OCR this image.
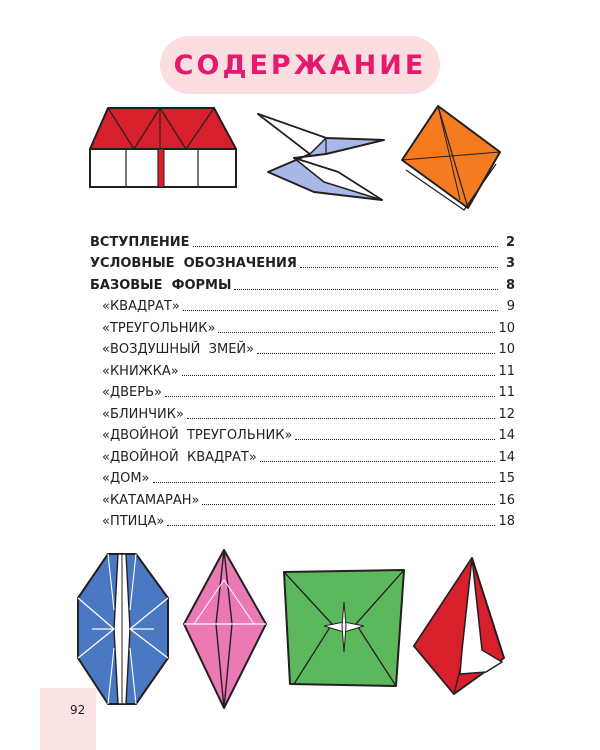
СОДЕРЖАНИЕ
ВСТУПЛЕНИЕ	2
УСЛОВНЫЕ  ОБОЗНАЧЕНИЯ	3
БАЗОВЫЕ  ФОРМЫ	8
«КВАДРАТ»	9
«ТРЕУГОЛЬНИК»	10
«ВОЗДУШНЫЙ  ЗМЕЙ»	10
«КНИЖКА»	11
«ДВЕРЬ»	11
«БЛИНЧИК»	12
«ДВОЙНОЙ  ТРЕУГОЛЬНИК»	14
«ДВОЙНОЙ  КВАДРАТ»	14
«ДОМ»	15
«КАТАМАРАН»	16
«ПТИЦА»	18
92
